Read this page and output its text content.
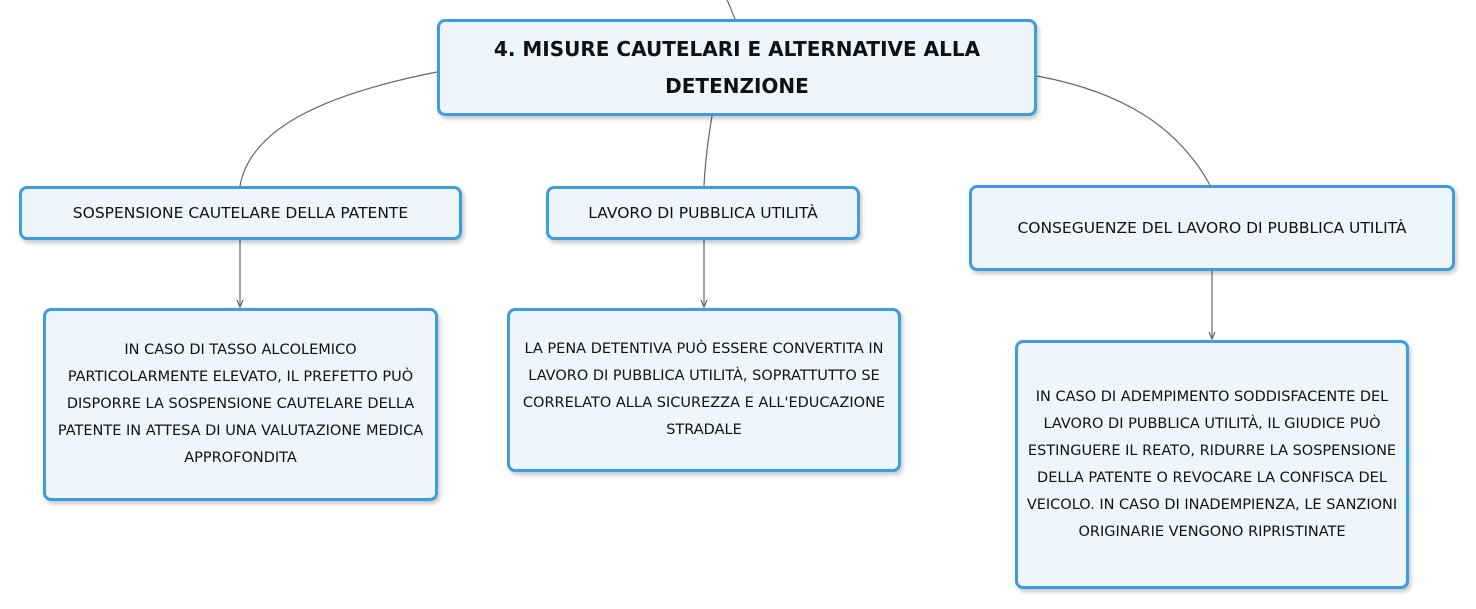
4. MISURE CAUTELARI E ALTERNATIVE ALLA DETENZIONE
SOSPENSIONE CAUTELARE DELLA PATENTE	LAVORO DI PUBBLICA UTILITÀ
CONSEGUENZE DEL LAVORO DI PUBBLICA UTILITÀ
IN CASO DI TASSO ALCOLEMICO PARTICOLARMENTE ELEVATO, IL PREFETTO PUÒ DISPORRE LA SOSPENSIONE CAUTELARE DELLA PATENTE IN ATTESA DI UNA VALUTAZIONE MEDICA APPROFONDITA
LA PENA DETENTIVA PUÒ ESSERE CONVERTITA IN LAVORO DI PUBBLICA UTILITÀ, SOPRATTUTTO SE CORRELATO ALLA SICUREZZA E ALL'EDUCAZIONE STRADALE
IN CASO DI ADEMPIMENTO SODDISFACENTE DEL LAVORO DI PUBBLICA UTILITÀ, IL GIUDICE PUÒ ESTINGUERE IL REATO, RIDURRE LA SOSPENSIONE DELLA PATENTE O REVOCARE LA CONFISCA DEL VEICOLO. IN CASO DI INADEMPIENZA, LE SANZIONI ORIGINARIE VENGONO RIPRISTINATE
